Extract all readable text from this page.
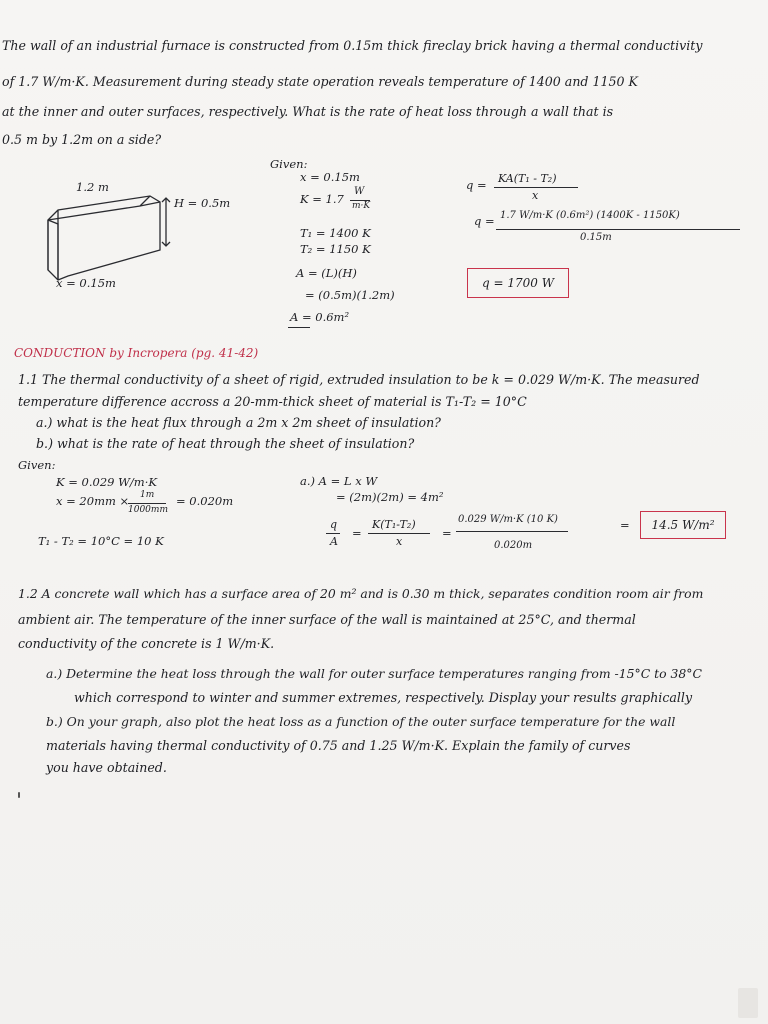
The wall of an industrial furnace is constructed from 0.15m thick fireclay brick having a thermal conductivity
of 1.7 W/m·K. Measurement during steady state operation reveals temperature of 1400 and 1150 K
at the inner and outer surfaces, respectively. What is the rate of heat loss through a wall that is
0.5 m by 1.2m on a side?
1.2 m
H = 0.5m
x = 0.15m
Given:
x = 0.15m
K = 1.7
W
m·K
T₁ = 1400 K
T₂ = 1150 K
A = (L)(H)
= (0.5m)(1.2m)
A = 0.6m²
q = KA(T₁ - T₂)
x
q = 1.7 W/m·K (0.6m²) (1400K - 1150K)
0.15m
q = 1700 W
CONDUCTION by Incropera (pg. 41-42)
1.1 The thermal conductivity of a sheet of rigid, extruded insulation to be k = 0.029 W/m·K. The measured
temperature difference accross a 20-mm-thick sheet of material is T₁-T₂ = 10°C
a.) what is the heat flux through a 2m x 2m sheet of insulation?
b.) what is the rate of heat through the sheet of insulation?
Given:
K = 0.029 W/m·K
x = 20mm × 1m
1000mm
= 0.020m
T₁ - T₂ = 10°C = 10 K
a.) A = L x W
= (2m)(2m) = 4m²
q
A
=
K(T₁-T₂)
x
=
0.029 W/m·K (10 K)
0.020m
=	14.5 W/m²
1.2 A concrete wall which has a surface area of 20 m² and is 0.30 m thick, separates condition room air from
ambient air. The temperature of the inner surface of the wall is maintained at 25°C, and thermal
conductivity of the concrete is 1 W/m·K.
a.) Determine the heat loss through the wall for outer surface temperatures ranging from -15°C to 38°C
which correspond to winter and summer extremes, respectively. Display your results graphically
b.) On your graph, also plot the heat loss as a function of the outer surface temperature for the wall
materials having thermal conductivity of 0.75 and 1.25 W/m·K. Explain the family of curves
you have obtained.
